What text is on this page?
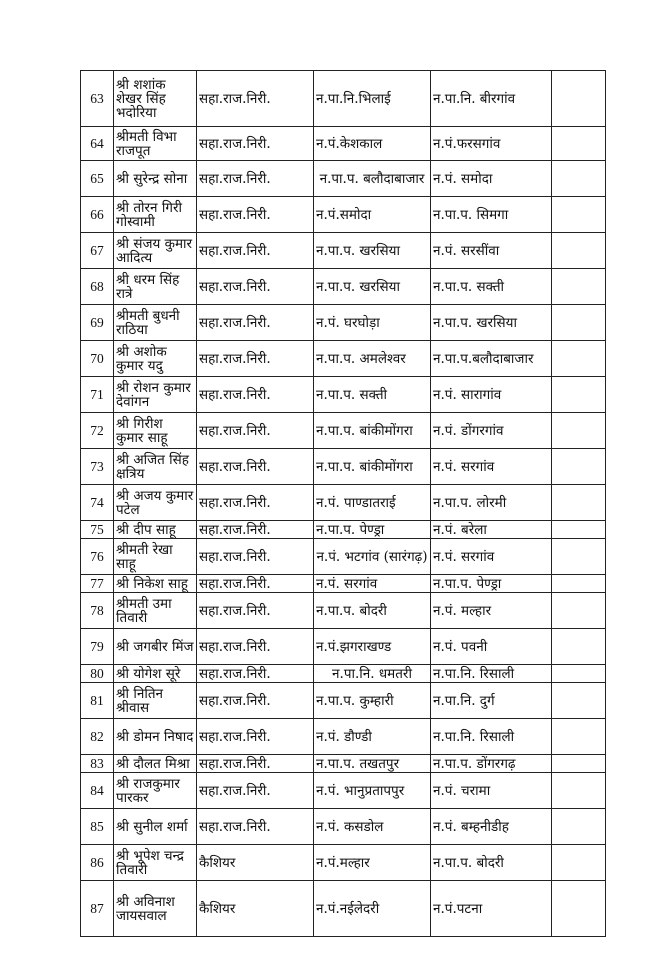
63	श्री शशांक शेखर सिंह भदोरिया	सहा.राज.निरी.	न.पा.नि.भिलाई	न.पा.नि. बीरगांव	
64	श्रीमती विभा राजपूत	सहा.राज.निरी.	न.पं.केशकाल	न.पं.फरसगांव	
65	श्री सुरेन्द्र सोना	सहा.राज.निरी.	न.पा.प. बलौदाबाजार	न.पं. समोदा	
66	श्री तोरन गिरी गोस्वामी	सहा.राज.निरी.	न.पं.समोदा	न.पा.प. सिमगा	
67	श्री संजय कुमार आदित्य	सहा.राज.निरी.	न.पा.प. खरसिया	न.पं. सरसींवा	
68	श्री धरम सिंह रात्रे	सहा.राज.निरी.	न.पा.प. खरसिया	न.पा.प. सक्ती	
69	श्रीमती बुधनी राठिया	सहा.राज.निरी.	न.पं. घरघोड़ा	न.पा.प. खरसिया	
70	श्री अशोक कुमार यदु	सहा.राज.निरी.	न.पा.प. अमलेश्वर	न.पा.प.बलौदाबाजार	
71	श्री रोशन कुमार देवांगन	सहा.राज.निरी.	न.पा.प. सक्ती	न.पं. सारागांव	
72	श्री गिरीश कुमार साहू	सहा.राज.निरी.	न.पा.प. बांकीमोंगरा	न.पं. डोंगरगांव	
73	श्री अजित सिंह क्षत्रिय	सहा.राज.निरी.	न.पा.प. बांकीमोंगरा	न.पं. सरगांव	
74	श्री अजय कुमार पटेल	सहा.राज.निरी.	न.पं. पाण्डातराई	न.पा.प. लोरमी	
75	श्री दीप साहू	सहा.राज.निरी.	न.पा.प. पेण्ड्रा	न.पं. बरेला	
76	श्रीमती रेखा साहू	सहा.राज.निरी.	न.पं. भटगांव (सारंगढ़)	न.पं. सरगांव	
77	श्री निकेश साहू	सहा.राज.निरी.	न.पं. सरगांव	न.पा.प. पेण्ड्रा	
78	श्रीमती उमा तिवारी	सहा.राज.निरी.	न.पा.प. बोदरी	न.पं. मल्हार	
79	श्री जगबीर मिंज	सहा.राज.निरी.	न.पं.झगराखण्ड	न.पं. पवनी	
80	श्री योगेश सूरे	सहा.राज.निरी.	न.पा.नि. धमतरी	न.पा.नि. रिसाली	
81	श्री नितिन श्रीवास	सहा.राज.निरी.	न.पा.प. कुम्हारी	न.पा.नि. दुर्ग	
82	श्री डोमन निषाद	सहा.राज.निरी.	न.पं. डौण्डी	न.पा.नि. रिसाली	
83	श्री दौलत मिश्रा	सहा.राज.निरी.	न.पा.प. तखतपुर	न.पा.प. डोंगरगढ़	
84	श्री राजकुमार पारकर	सहा.राज.निरी.	न.पं. भानुप्रतापपुर	न.पं. चरामा	
85	श्री सुनील शर्मा	सहा.राज.निरी.	न.पं. कसडोल	न.पं. बम्हनीडीह	
86	श्री भूपेश चन्द्र तिवारी	कैशियर	न.पं.मल्हार	न.पा.प. बोदरी	
87	श्री अविनाश जायसवाल	कैशियर	न.पं.नईलेदरी	न.पं.पटना	
